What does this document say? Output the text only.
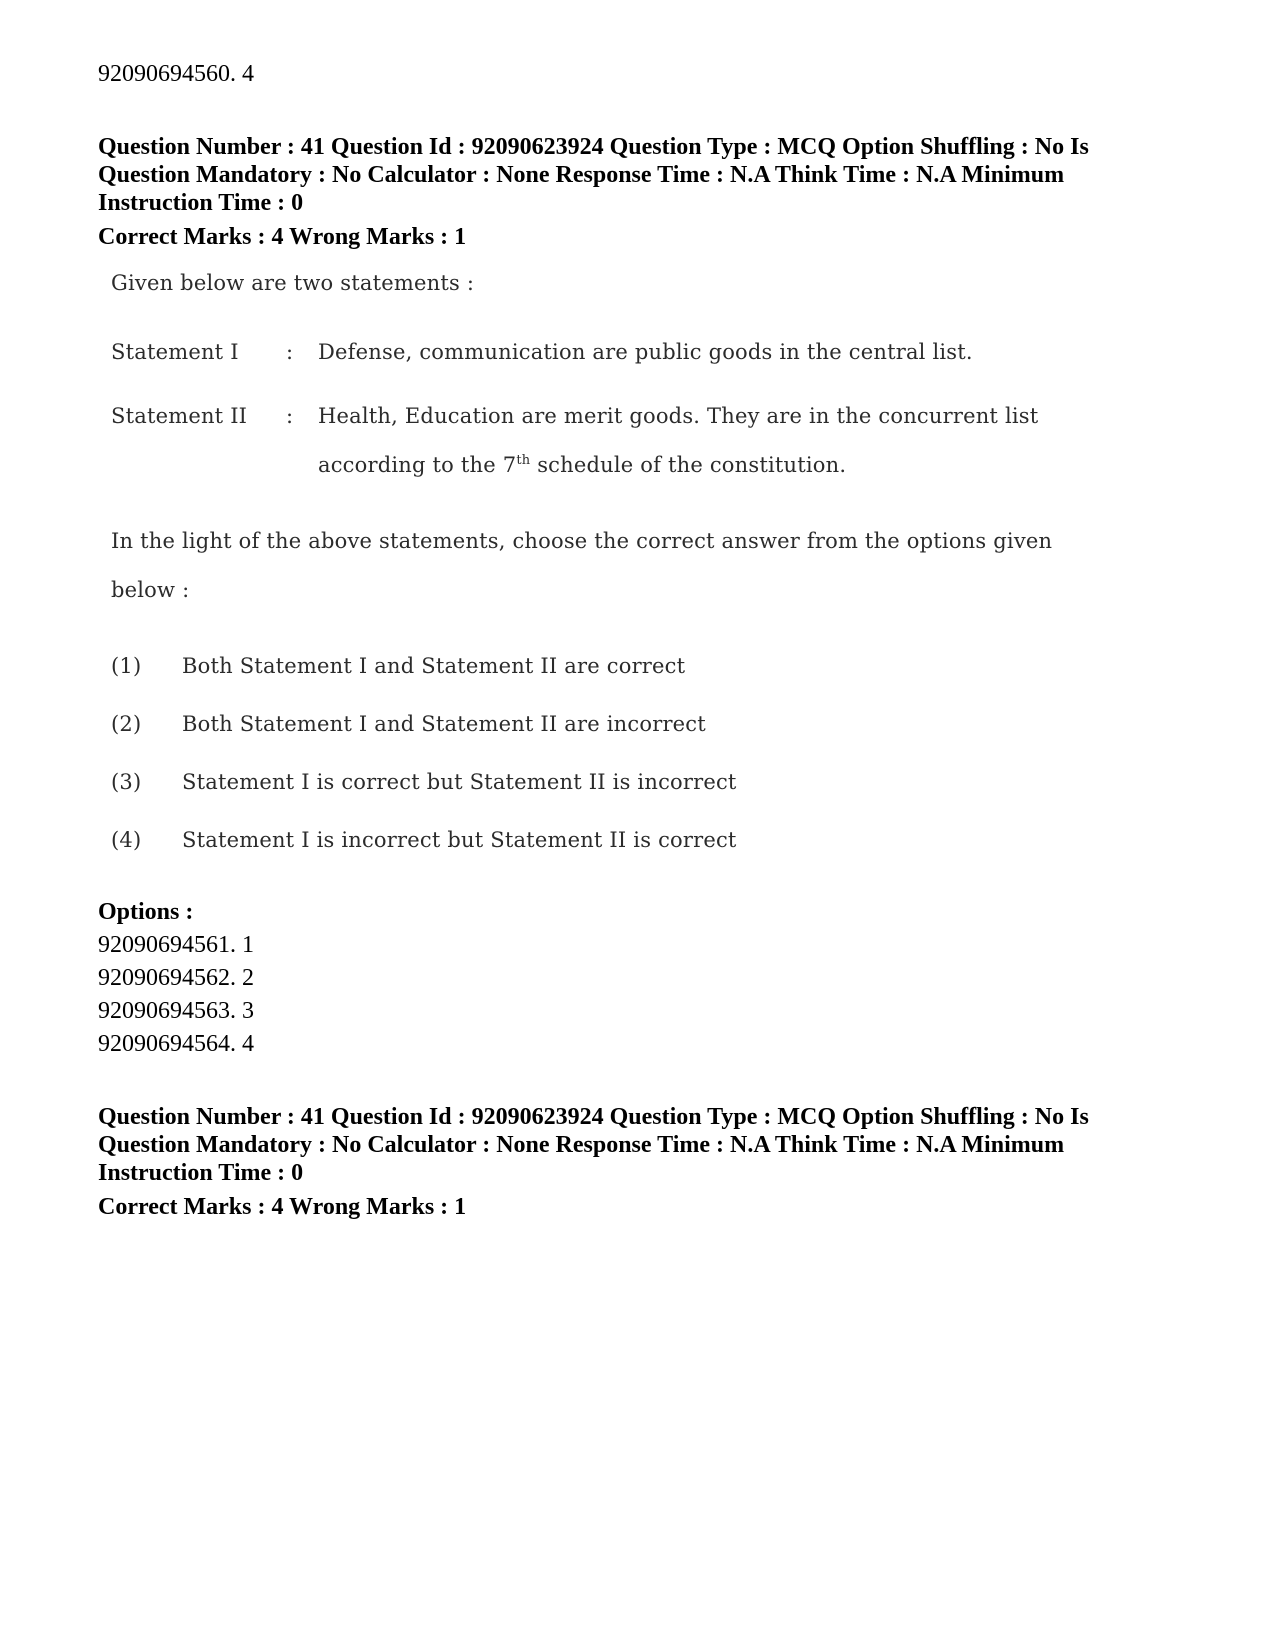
92090694560. 4
Question Number : 41 Question Id : 92090623924 Question Type : MCQ Option Shuffling : No Is
Question Mandatory : No Calculator : None Response Time : N.A Think Time : N.A Minimum
Instruction Time : 0
Correct Marks : 4 Wrong Marks : 1
Given below are two statements :
Statement I : Defense, communication are public goods in the central list.
Statement II : Health, Education are merit goods. They are in the concurrent list
according to the 7th schedule of the constitution.
In the light of the above statements, choose the correct answer from the options given
below :
(1) Both Statement I and Statement II are correct
(2) Both Statement I and Statement II are incorrect
(3) Statement I is correct but Statement II is incorrect
(4) Statement I is incorrect but Statement II is correct
Options :
92090694561. 1
92090694562. 2
92090694563. 3
92090694564. 4
Question Number : 41 Question Id : 92090623924 Question Type : MCQ Option Shuffling : No Is
Question Mandatory : No Calculator : None Response Time : N.A Think Time : N.A Minimum
Instruction Time : 0
Correct Marks : 4 Wrong Marks : 1
